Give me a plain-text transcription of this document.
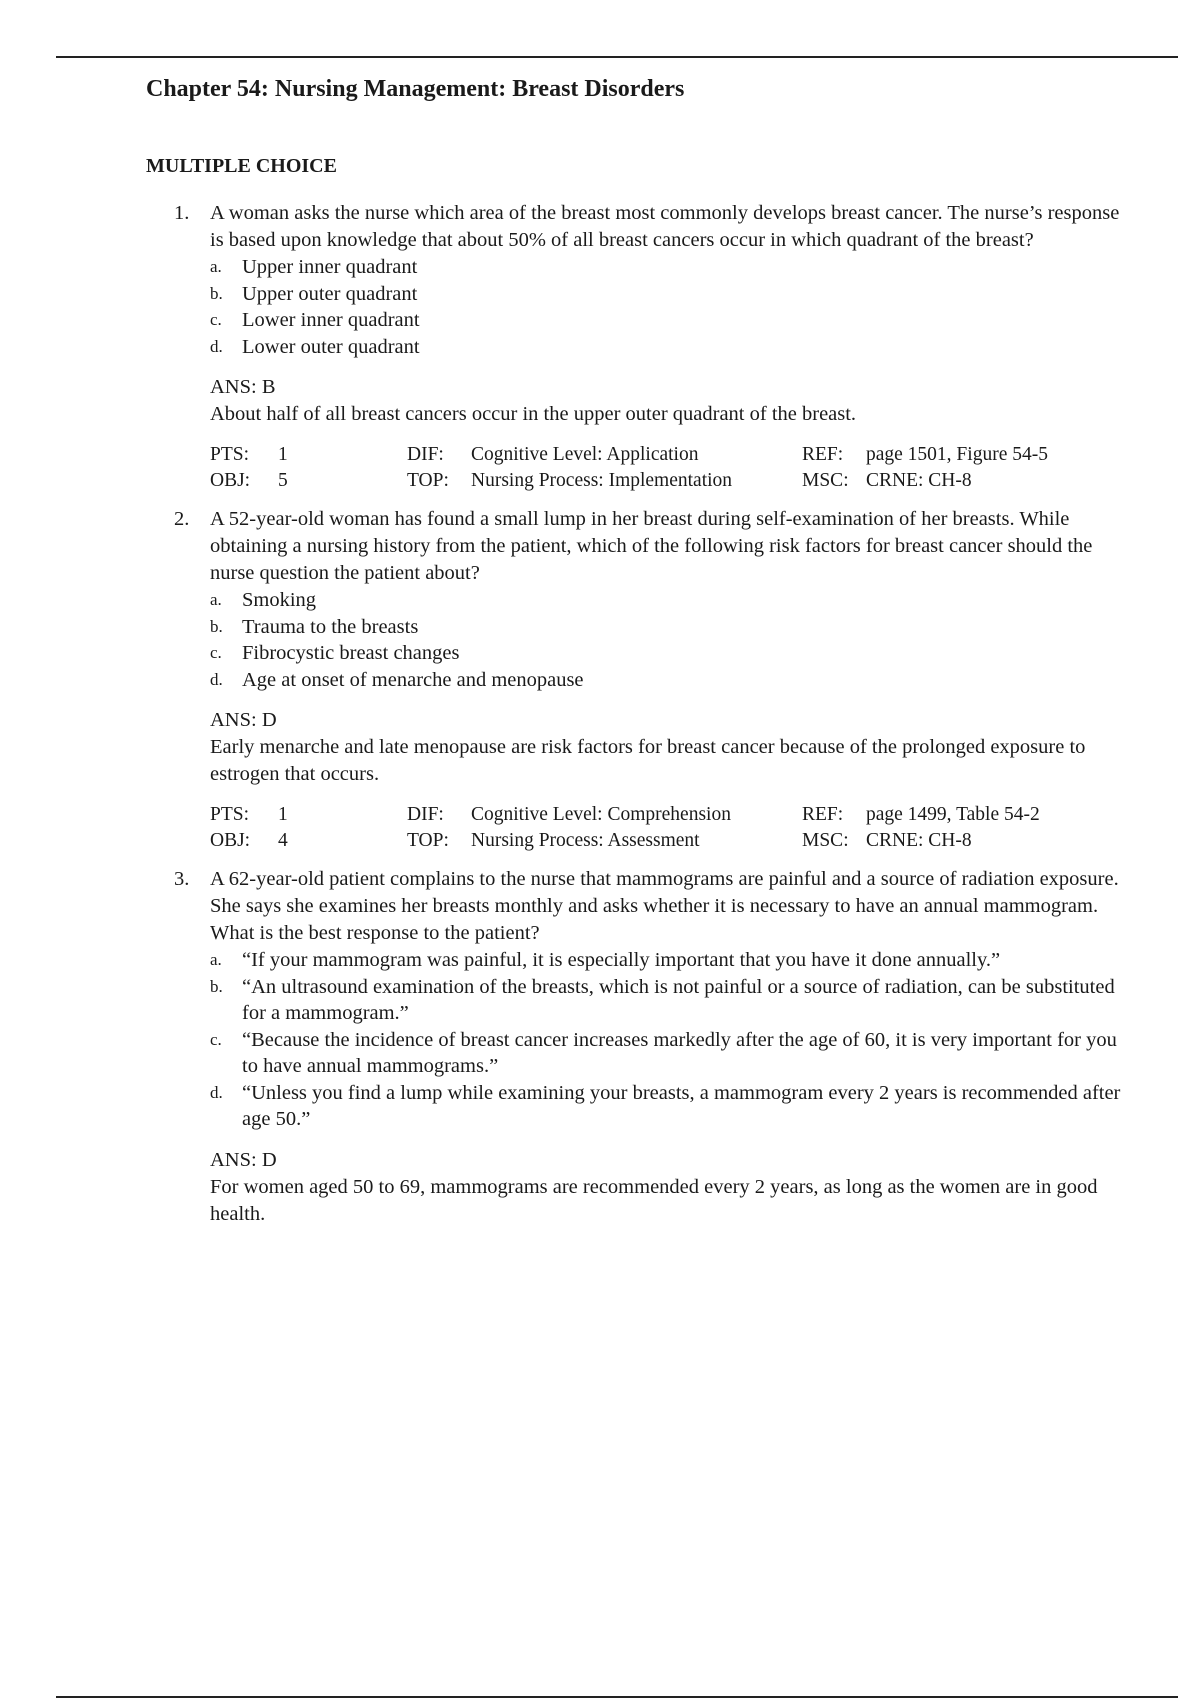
Chapter 54: Nursing Management: Breast Disorders
MULTIPLE CHOICE
1. A woman asks the nurse which area of the breast most commonly develops breast cancer. The nurse’s response is based upon knowledge that about 50% of all breast cancers occur in which quadrant of the breast?

a. Upper inner quadrant
b. Upper outer quadrant
c. Lower inner quadrant
d. Lower outer quadrant
ANS: B
About half of all breast cancers occur in the upper outer quadrant of the breast.
PTS: 1	DIF: Cognitive Level: Application	REF: page 1501, Figure 54-5
OBJ: 5	TOP: Nursing Process: Implementation	MSC: CRNE: CH-8
2. A 52-year-old woman has found a small lump in her breast during self-examination of her breasts. While obtaining a nursing history from the patient, which of the following risk factors for breast cancer should the nurse question the patient about?

a. Smoking
b. Trauma to the breasts
c. Fibrocystic breast changes
d. Age at onset of menarche and menopause
ANS: D
Early menarche and late menopause are risk factors for breast cancer because of the prolonged exposure to estrogen that occurs.
PTS: 1	DIF: Cognitive Level: Comprehension	REF: page 1499, Table 54-2
OBJ: 4	TOP: Nursing Process: Assessment	MSC: CRNE: CH-8
3. A 62-year-old patient complains to the nurse that mammograms are painful and a source of radiation exposure. She says she examines her breasts monthly and asks whether it is necessary to have an annual mammogram. What is the best response to the patient?

a. “If your mammogram was painful, it is especially important that you have it done annually.”
b. “An ultrasound examination of the breasts, which is not painful or a source of radiation, can be substituted for a mammogram.”
c. “Because the incidence of breast cancer increases markedly after the age of 60, it is very important for you to have annual mammograms.”
d. “Unless you find a lump while examining your breasts, a mammogram every 2 years is recommended after age 50.”
ANS: D
For women aged 50 to 69, mammograms are recommended every 2 years, as long as the women are in good health.
